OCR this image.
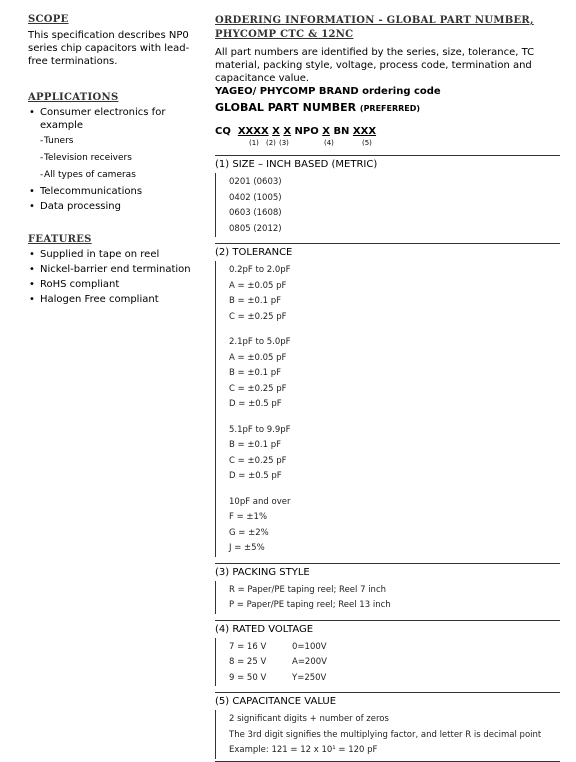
SCOPE

This specification describes NP0 series chip capacitors with lead-free terminations.

APPLICATIONS
• Consumer electronics for example
- Tuners
- Television receivers
- All types of cameras
• Telecommunications
• Data processing
FEATURES
• Supplied in tape on reel
• Nickel-barrier end termination
• RoHS compliant
• Halogen Free compliant
ORDERING INFORMATION - GLOBAL PART NUMBER, PHYCOMP CTC & 12NC

All part numbers are identified by the series, size, tolerance, TC material, packing style, voltage, process code, termination and capacitance value.

YAGEO/ PHYCOMP BRAND ordering code
GLOBAL PART NUMBER (PREFERRED)
CQ XXXX X X NPO X BN XXX
(1) (2) (3)	(4)	(5)
(1) SIZE – INCH BASED (METRIC)
0201 (0603)
0402 (1005)
0603 (1608)
0805 (2012)
(2) TOLERANCE
0.2pF to 2.0pF
A = ±0.05 pF
B = ±0.1 pF
C = ±0.25 pF
2.1pF to 5.0pF
A = ±0.05 pF
B = ±0.1 pF
C = ±0.25 pF
D = ±0.5 pF
5.1pF to 9.9pF
B = ±0.1 pF
C = ±0.25 pF
D = ±0.5 pF
10pF and over
F = ±1%
G = ±2%
J = ±5%
(3) PACKING STYLE
R = Paper/PE taping reel; Reel 7 inch
P = Paper/PE taping reel; Reel 13 inch
(4) RATED VOLTAGE
7 = 16 V	0=100V
8 = 25 V	A=200V
9 = 50 V	Y=250V
(5) CAPACITANCE VALUE
2 significant digits + number of zeros
The 3rd digit signifies the multiplying factor, and letter R is decimal point
Example: 121 = 12 x 10¹ = 120 pF
